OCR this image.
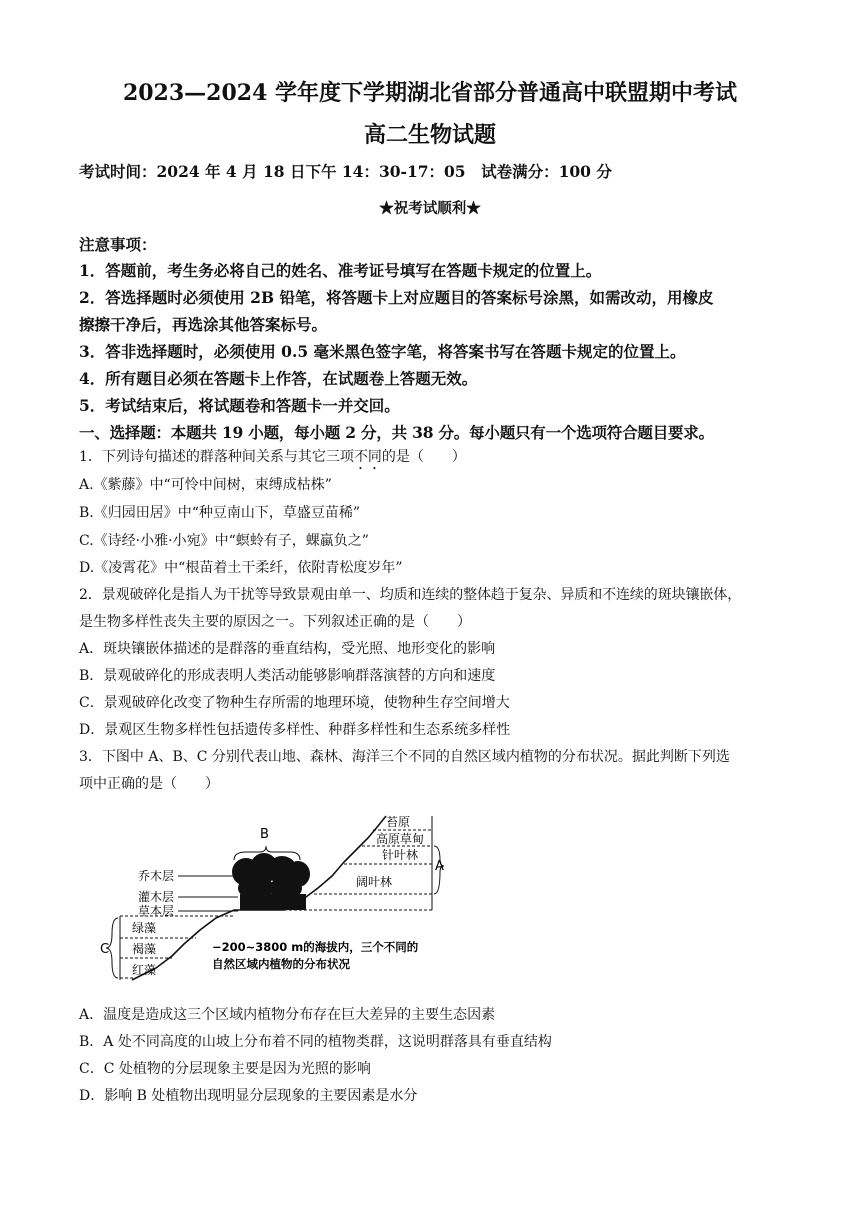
2023—2024 学年度下学期湖北省部分普通高中联盟期中考试
高二生物试题
考试时间：2024 年 4 月 18 日下午 14：30-17：05　试卷满分：100 分
★祝考试顺利★
注意事项：
1．答题前，考生务必将自己的姓名、准考证号填写在答题卡规定的位置上。
2．答选择题时必须使用 2B 铅笔，将答题卡上对应题目的答案标号涂黑，如需改动，用橡皮
擦擦干净后，再选涂其他答案标号。
3．答非选择题时，必须使用 0.5 毫米黑色签字笔，将答案书写在答题卡规定的位置上。
4．所有题目必须在答题卡上作答，在试题卷上答题无效。
5．考试结束后，将试题卷和答题卡一并交回。
一、选择题：本题共 19 小题，每小题 2 分，共 38 分。每小题只有一个选项符合题目要求。
1．下列诗句描述的群落种间关系与其它三项不同的是（　　）
A.《紫藤》中“可怜中间树，束缚成枯株”
B.《归园田居》中“种豆南山下，草盛豆苗稀”
C.《诗经·小雅·小宛》中“螟蛉有子，蜾蠃负之”
D.《凌霄花》中“根苗着土干柔纤，依附青松度岁年”
2．景观破碎化是指人为干扰等导致景观由单一、均质和连续的整体趋于复杂、异质和不连续的斑块镶嵌体，
是生物多样性丧失主要的原因之一。下列叙述正确的是（　　）
A．斑块镶嵌体描述的是群落的垂直结构，受光照、地形变化的影响
B．景观破碎化的形成表明人类活动能够影响群落演替的方向和速度
C．景观破碎化改变了物种生存所需的地理环境，使物种生存空间增大
D．景观区生物多样性包括遗传多样性、种群多样性和生态系统多样性
3．下图中 A、B、C 分别代表山地、森林、海洋三个不同的自然区域内植物的分布状况。据此判断下列选
项中正确的是（　　）
苔原
高原草甸
针叶林
阔叶林
A
B
乔木层
灌木层
草本层
绿藻
褐藻
红藻
C	−200~3800 m的海拔内，三个不同的
自然区域内植物的分布状况
A．温度是造成这三个区域内植物分布存在巨大差异的主要生态因素
B．A 处不同高度的山坡上分布着不同的植物类群，这说明群落具有垂直结构
C．C 处植物的分层现象主要是因为光照的影响
D．影响 B 处植物出现明显分层现象的主要因素是水分
